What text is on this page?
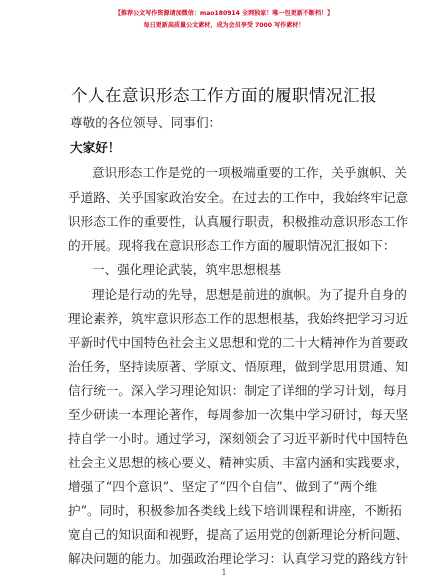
【推荐公文写作资源请加微信：mao180914 全网独家！唯一包更新不断档！】
每日更新高质量公文素材，成为会员享受 7000 写作素材！
个人在意识形态工作方面的履职情况汇报
尊敬的各位领导、同事们：
大家好！
意识形态工作是党的一项极端重要的工作，关乎旗帜、关
乎道路、关乎国家政治安全。在过去的工作中，我始终牢记意
识形态工作的重要性，认真履行职责，积极推动意识形态工作
的开展。现将我在意识形态工作方面的履职情况汇报如下：
一、强化理论武装，筑牢思想根基
理论是行动的先导，思想是前进的旗帜。为了提升自身的
理论素养，筑牢意识形态工作的思想根基，我始终把学习习近
平新时代中国特色社会主义思想和党的二十大精神作为首要政
治任务，坚持读原著、学原文、悟原理，做到学思用贯通、知
信行统一。深入学习理论知识：制定了详细的学习计划，每月
至少研读一本理论著作，每周参加一次集中学习研讨，每天坚
持自学一小时。通过学习，深刻领会了习近平新时代中国特色
社会主义思想的核心要义、精神实质、丰富内涵和实践要求，
增强了“四个意识”、坚定了“四个自信”、做到了“两个维
护”。同时，积极参加各类线上线下培训课程和讲座，不断拓
宽自己的知识面和视野，提高了运用党的创新理论分析问题、
解决问题的能力。加强政治理论学习：认真学习党的路线方针
1
